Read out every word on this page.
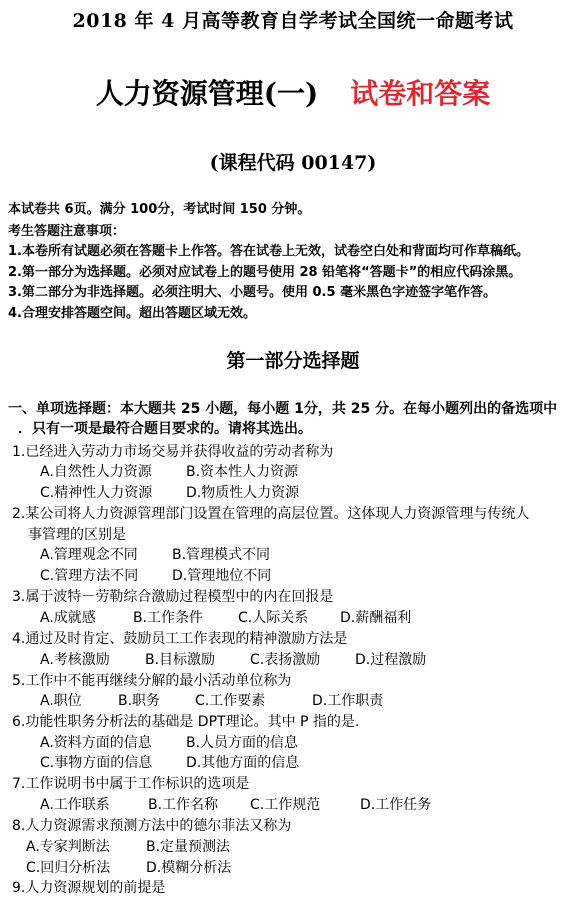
2018 年 4 月高等教育自学考试全国统一命题考试
人力资源管理(一) 试卷和答案
(课程代码 00147)
本试卷共 6页。满分 100分，考试时间 150 分钟。
考生答题注意事项：
1.本卷所有试题必须在答题卡上作答。答在试卷上无效，试卷空白处和背面均可作草稿纸。
2.第一部分为选择题。必须对应试卷上的题号使用 28 铅笔将“答题卡”的相应代码涂黑。
3.第二部分为非选择题。必须注明大、小题号。使用 0.5 毫米黑色字迹签字笔作答。
4.合理安排答题空间。超出答题区域无效。
第一部分选择题
一、单项选择题：本大题共 25 小题，每小题 1分，共 25 分。在每小题列出的备选项中
．只有一项是最符合题目要求的。请将其选出。
1.已经进入劳动力市场交易并获得收益的劳动者称为
A.自然性人力资源 B.资本性人力资源
C.精神性人力资源 D.物质性人力资源
2.某公司将人力资源管理部门设置在管理的高层位置。这体现人力资源管理与传统人
事管理的区别是
A.管理观念不同 B.管理模式不同
C.管理方法不同 D.管理地位不同
3.属于波特－劳勒综合激励过程模型中的内在回报是
A.成就感	B.工作条件 C.人际关系 D.薪酬福利
4.通过及时肯定、鼓励员工工作表现的精神激励方法是
A.考核激励	B.目标激励 C.表扬激励 D.过程激励
5.工作中不能再继续分解的最小活动单位称为
A.职位	B.职务 C.工作要素	D.工作职责
6.功能性职务分析法的基础是 DPT理论。其中 P 指的是.
A.资料方面的信息 B.人员方面的信息
C.事物方面的信息 D.其他方面的信息
7.工作说明书中属于工作标识的选项是
A.工作联系	B.工作名称 C.工作规范	D.工作任务
8.人力资源需求预测方法中的德尔菲法又称为
A.专家判断法	B.定量预测法
C.回归分析法	D.模糊分析法
9.人力资源规划的前提是
